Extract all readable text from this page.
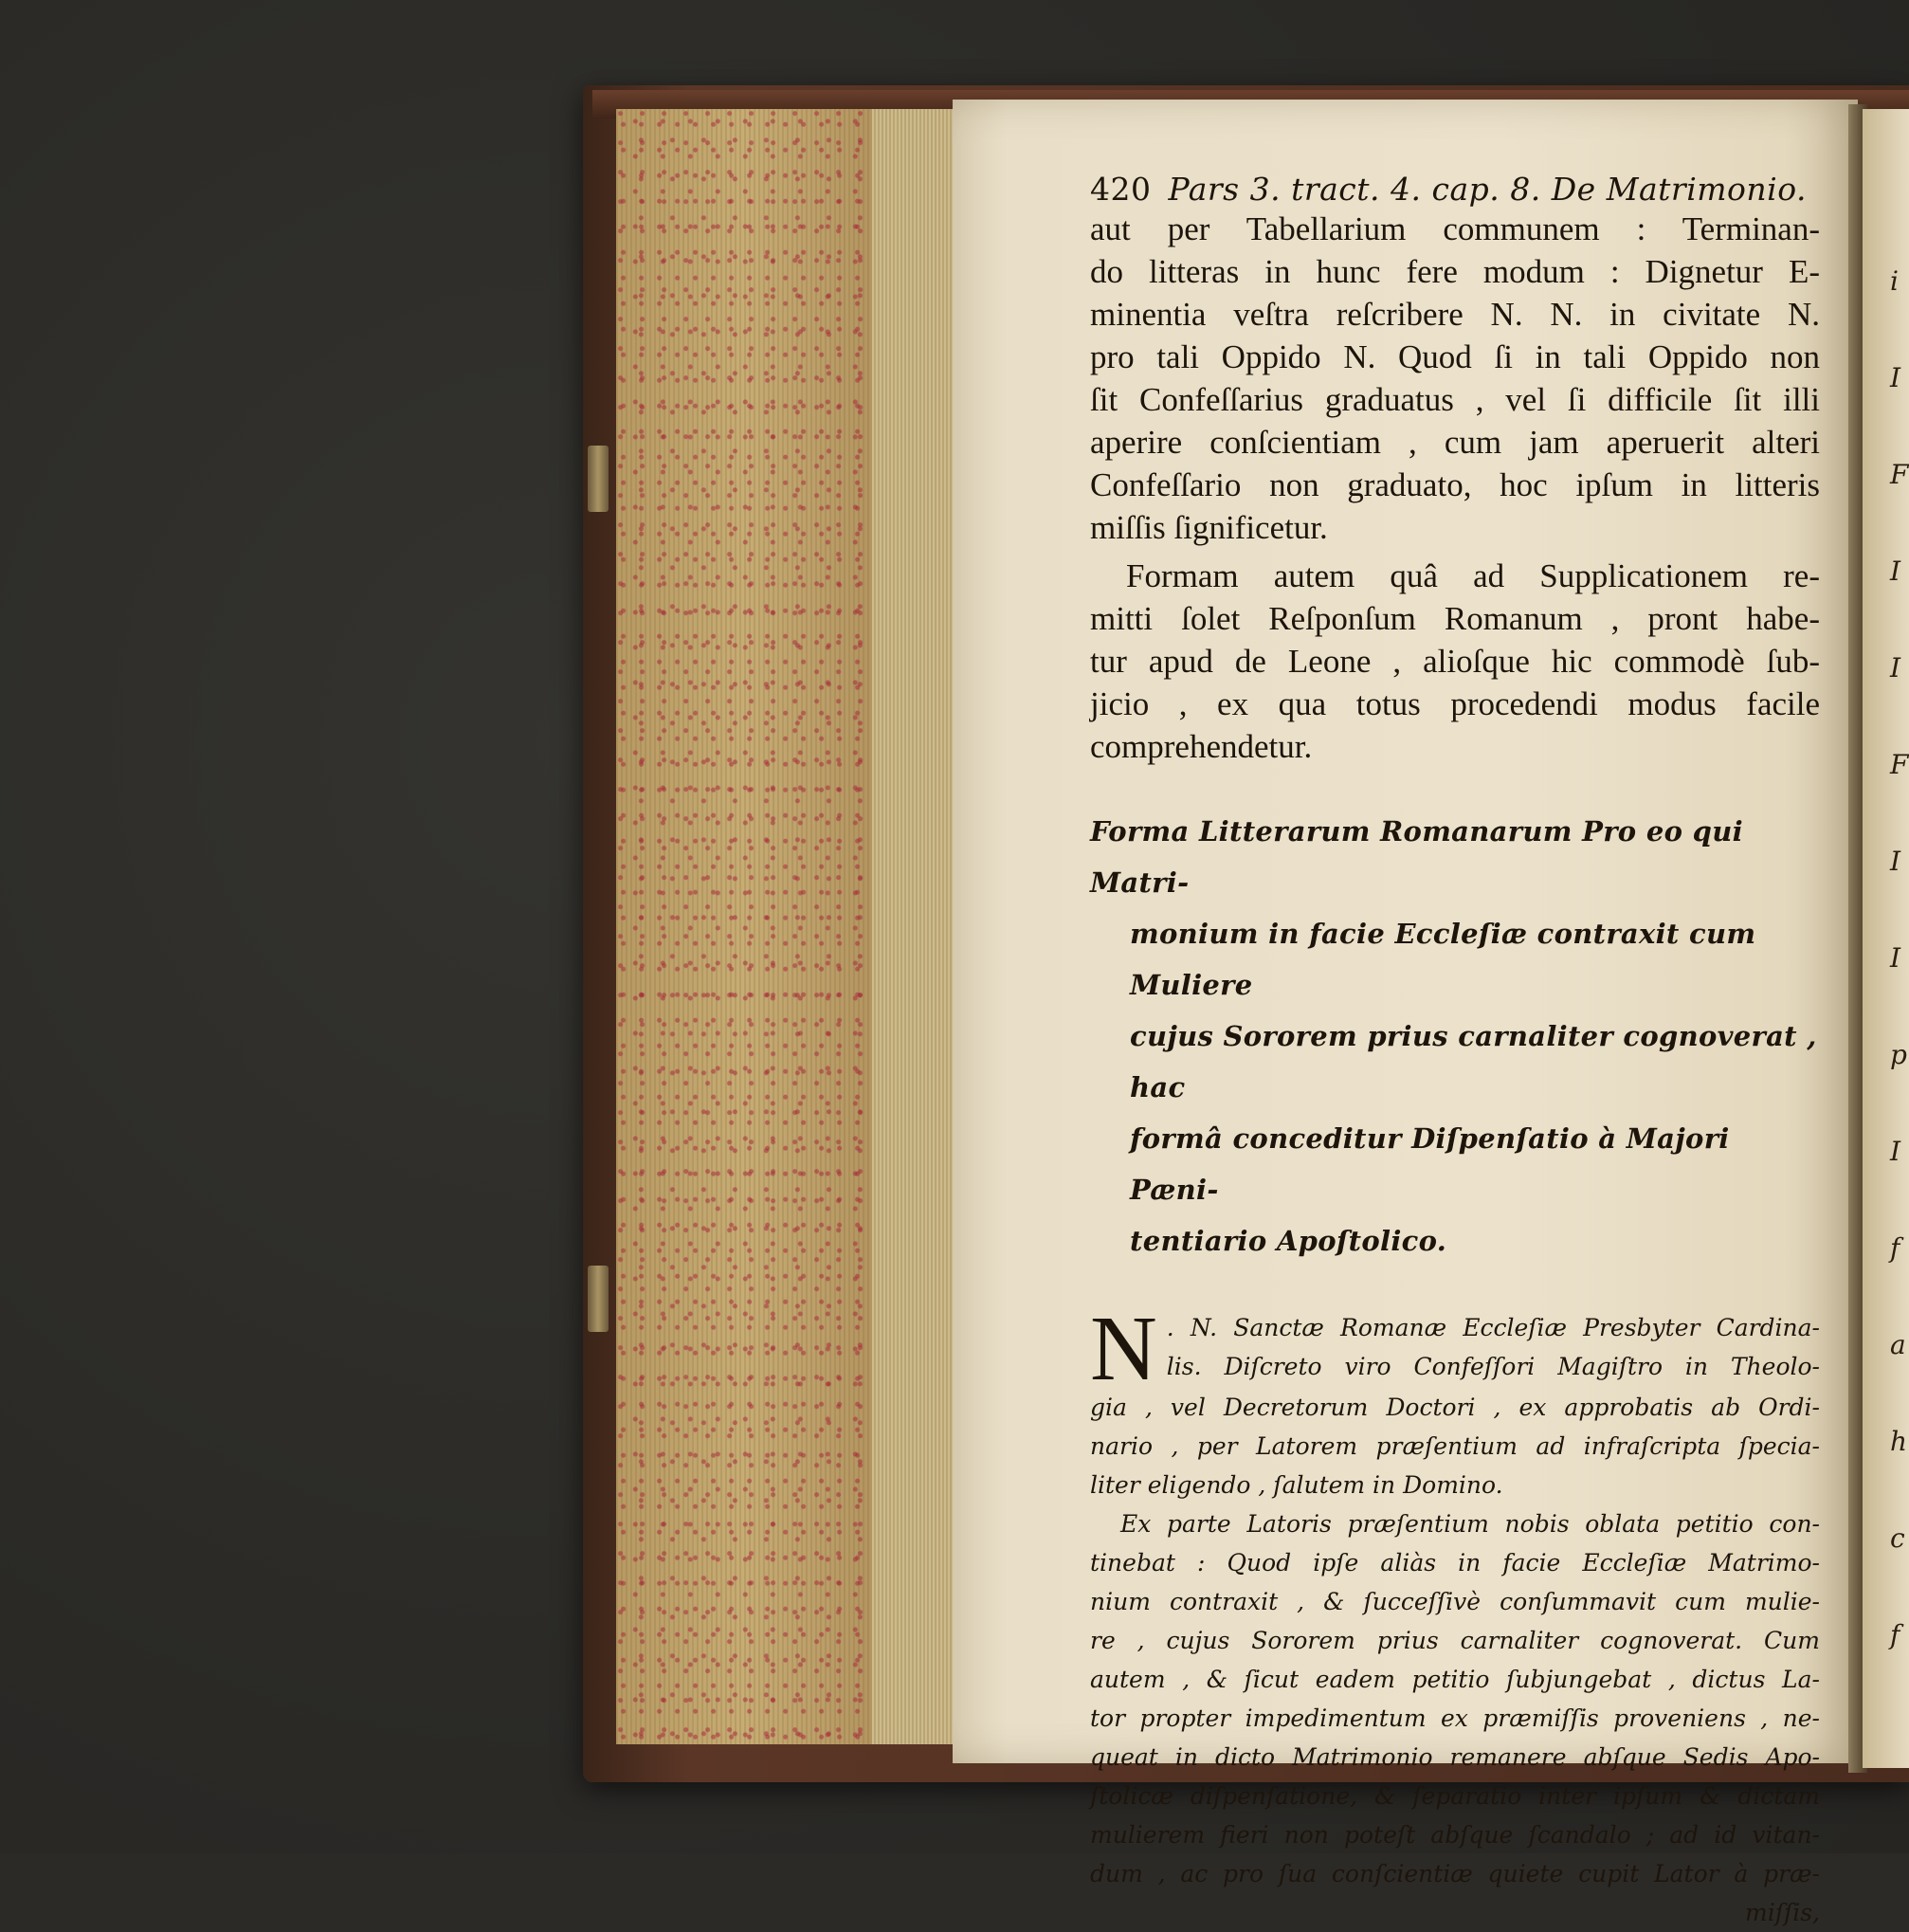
i
I
F
I
I
F
I
I
p
I
f
a
h
c
f
420 Pars 3. tract. 4. cap. 8. De Matrimonio.

aut per Tabellarium communem : Terminan-

do litteras in hunc fere modum : Dignetur E-

minentia veſtra reſcribere N. N. in civitate N.

pro tali Oppido N. Quod ſi in tali Oppido non

ſit Confeſſarius graduatus , vel ſi difficile ſit illi

aperire conſcientiam , cum jam aperuerit alteri

Confeſſario non graduato, hoc ipſum in litteris

miſſis ſignificetur.

Formam autem quâ ad Supplicationem re-

mitti ſolet Reſponſum Romanum , pront habe-

tur apud de Leone , alioſque hic commodè ſub-

jicio , ex qua totus procedendi modus facile

comprehendetur.

Forma Litterarum Romanarum Pro eo qui Matri-
monium in facie Eccleſiæ contraxit cum Muliere
cujus Sororem prius carnaliter cognoverat , hac
formâ conceditur Diſpenſatio à Majori Pæni-
tentiario Apoſtolico.
N . N. Sanctæ Romanæ Eccleſiæ Presbyter Cardina-
lis. Diſcreto viro Confeſſori Magiſtro in Theolo-
gia , vel Decretorum Doctori , ex approbatis ab Ordi-
nario , per Latorem præſentium ad infraſcripta ſpecia-
liter eligendo , ſalutem in Domino.
Ex parte Latoris præſentium nobis oblata petitio con-
tinebat : Quod ipſe aliàs in facie Eccleſiæ Matrimo-
nium contraxit , & ſucceſſivè conſummavit cum mulie-
re , cujus Sororem prius carnaliter cognoverat. Cum
autem , & ſicut eadem petitio ſubjungebat , dictus La-
tor propter impedimentum ex præmiſſis proveniens , ne-
queat in dicto Matrimonio remanere abſque Sedis Apo-
ſtolicæ diſpenſatione, & ſeparatio inter ipſum & dictam
mulierem fieri non poteſt abſque ſcandalo ; ad id vitan-
dum , ac pro ſua conſcientiæ quiete cupit Lator à præ-
miſſis,
